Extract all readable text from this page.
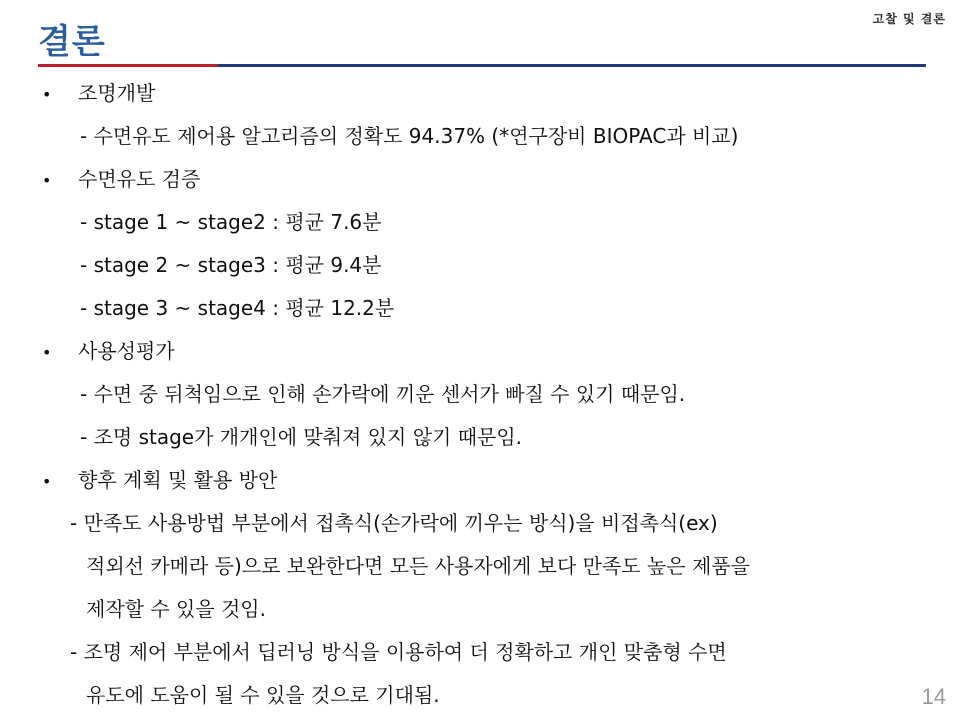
고찰 및 결론
결론
• 조명개발
- 수면유도 제어용 알고리즘의 정확도 94.37% (*연구장비 BIOPAC과 비교)
• 수면유도 검증
- stage 1 ~ stage2 : 평균 7.6분
- stage 2 ~ stage3 : 평균 9.4분
- stage 3 ~ stage4 : 평균 12.2분
• 사용성평가
- 수면 중 뒤척임으로 인해 손가락에 끼운 센서가 빠질 수 있기 때문임.
- 조명 stage가 개개인에 맞춰져 있지 않기 때문임.
• 향후 계획 및 활용 방안
- 만족도 사용방법 부분에서 접촉식(손가락에 끼우는 방식)을 비접촉식(ex)
적외선 카메라 등)으로 보완한다면 모든 사용자에게 보다 만족도 높은 제품을
제작할 수 있을 것임.
- 조명 제어 부분에서 딥러닝 방식을 이용하여 더 정확하고 개인 맞춤형 수면
유도에 도움이 될 수 있을 것으로 기대됨.	14
